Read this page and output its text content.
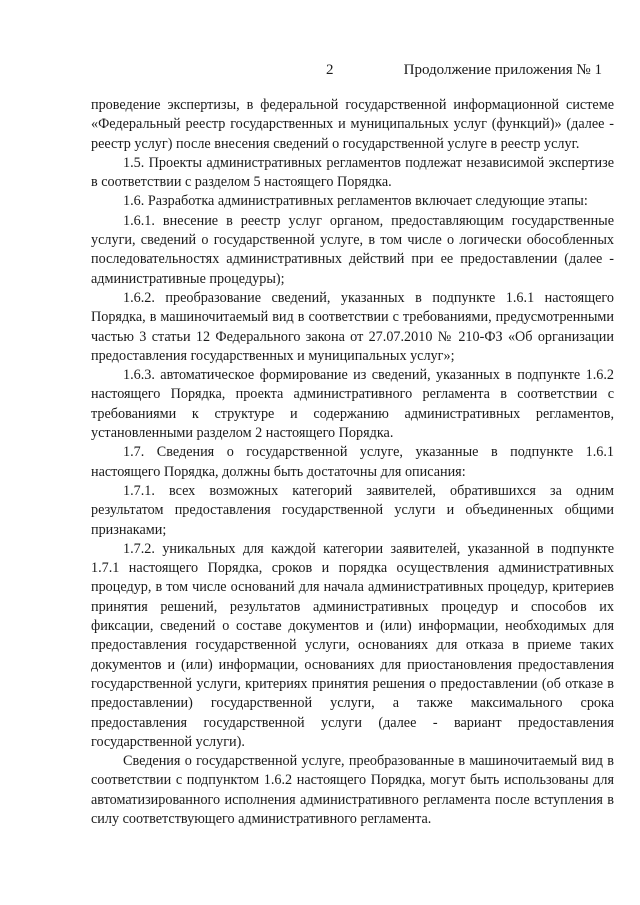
2	Продолжение приложения № 1

проведение экспертизы, в федеральной государственной информационной системе «Федеральный реестр государственных и муниципальных услуг (функций)» (далее - реестр услуг) после внесения сведений о государственной услуге в реестр услуг.

1.5. Проекты административных регламентов подлежат независимой экспертизе в соответствии с разделом 5 настоящего Порядка.

1.6. Разработка административных регламентов включает следующие этапы:

1.6.1. внесение в реестр услуг органом, предоставляющим государственные услуги, сведений о государственной услуге, в том числе о логически обособленных последовательностях административных действий при ее предоставлении (далее - административные процедуры);

1.6.2. преобразование сведений, указанных в подпункте 1.6.1 настоящего Порядка, в машиночитаемый вид в соответствии с требованиями, предусмотренными частью 3 статьи 12 Федерального закона от 27.07.2010 № 210-ФЗ «Об организации предоставления государственных и муниципальных услуг»;

1.6.3. автоматическое формирование из сведений, указанных в подпункте 1.6.2 настоящего Порядка, проекта административного регламента в соответствии с требованиями к структуре и содержанию административных регламентов, установленными разделом 2 настоящего Порядка.

1.7. Сведения о государственной услуге, указанные в подпункте 1.6.1 настоящего Порядка, должны быть достаточны для описания:

1.7.1. всех возможных категорий заявителей, обратившихся за одним результатом предоставления государственной услуги и объединенных общими признаками;

1.7.2. уникальных для каждой категории заявителей, указанной в подпункте 1.7.1 настоящего Порядка, сроков и порядка осуществления административных процедур, в том числе оснований для начала административных процедур, критериев принятия решений, результатов административных процедур и способов их фиксации, сведений о составе документов и (или) информации, необходимых для предоставления государственной услуги, основаниях для отказа в приеме таких документов и (или) информации, основаниях для приостановления предоставления государственной услуги, критериях принятия решения о предоставлении (об отказе в предоставлении) государственной услуги, а также максимального срока предоставления государственной услуги (далее - вариант предоставления государственной услуги).

Сведения о государственной услуге, преобразованные в машиночитаемый вид в соответствии с подпунктом 1.6.2 настоящего Порядка, могут быть использованы для автоматизированного исполнения административного регламента после вступления в силу соответствующего административного регламента.
